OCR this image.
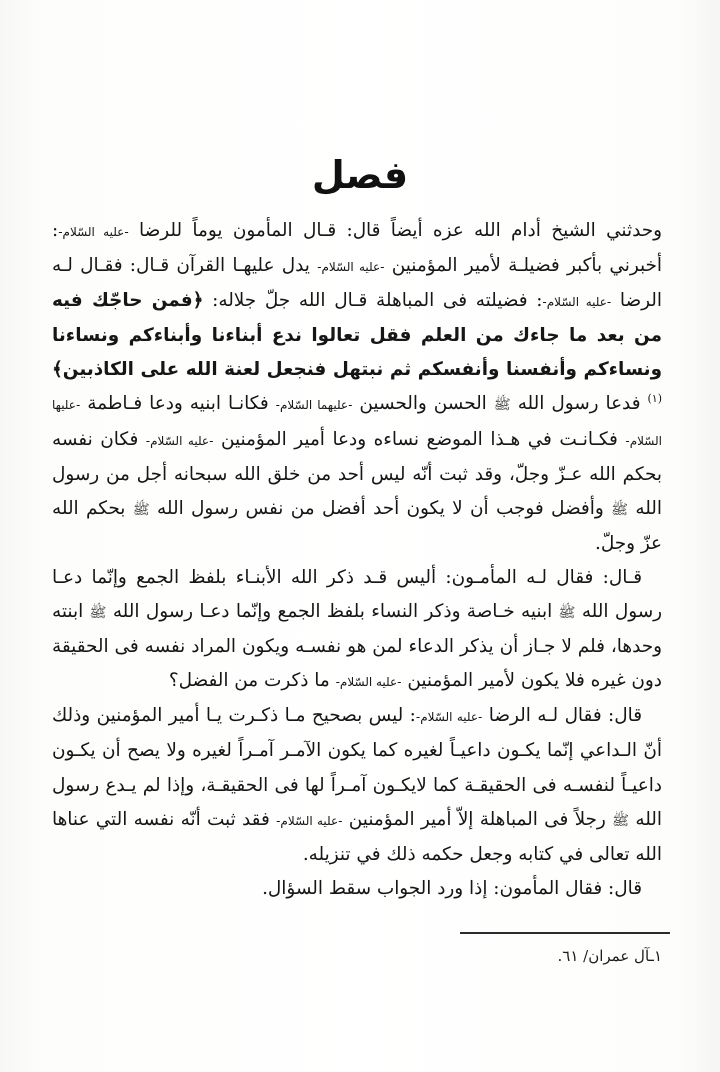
فصل

وحدثني الشيخ أدام الله عزه أيضاً قال: قـال المأمون يوماً للرضا -عليه السّلام-: أخبرني بأكبر فضيلـة لأمير المؤمنين -عليه السّلام- يدل عليهـا القرآن قـال: فقـال لـه الرضا -عليه السّلام-: فضيلته فى المباهلة قـال الله جلّ جلاله: ﴿فمن حاجّك فيه من بعد ما جاءك من العلم فقل تعالوا ندع أبناءنا وأبناءكم ونساءنا ونساءكم وأنفسنا وأنفسكم ثم نبتهل فنجعل لعنة الله على الكاذبين﴾$^{(١)}$ فدعا رسول الله ﷺ الحسن والحسين -عليهما السّلام- فكانـا ابنيه ودعا فـاطمة -عليها السّلام- فكـانـت في هـذا الموضع نساءه ودعا أمير المؤمنين -عليه السّلام- فكان نفسه بحكم الله عـزّ وجلّ، وقد ثبت أنّه ليس أحد من خلق الله سبحانه أجل من رسول الله ﷺ وأفضل فوجب أن لا يكون أحد أفضل من نفس رسول الله ﷺ بحكم الله عزّ وجلّ.

قـال: فقال لـه المأمـون: أليس قـد ذكر الله الأبنـاء بلفظ الجمع وإنّما دعـا رسول الله ﷺ ابنيه خـاصة وذكر النساء بلفظ الجمع وإنّما دعـا رسول الله ﷺ ابنته وحدها، فلم لا جـاز أن يذكر الدعاء لمن هو نفسـه ويكون المراد نفسه فى الحقيقة دون غيره فلا يكون لأمير المؤمنين -عليه السّلام- ما ذكرت من الفضل؟

قال: فقال لـه الرضا -عليه السّلام-: ليس بصحيح مـا ذكـرت يـا أمير المؤمنين وذلك أنّ الـداعي إنّما يكـون داعيـاً لغيره كما يكون الآمـر آمـراً لغيره ولا يصح أن يكـون داعيـاً لنفسـه فى الحقيقـة كما لايكـون آمـراً لها فى الحقيقـة، وإذا لم يـدع رسول الله ﷺ رجلاً فى المباهلة إلاّ أمير المؤمنين -عليه السّلام- فقد ثبت أنّه نفسه التي عناها الله تعالى في كتابه وجعل حكمه ذلك في تنزيله.

قال: فقال المأمون: إذا ورد الجواب سقط السؤال.

١ـآل عمران/ ٦١.
